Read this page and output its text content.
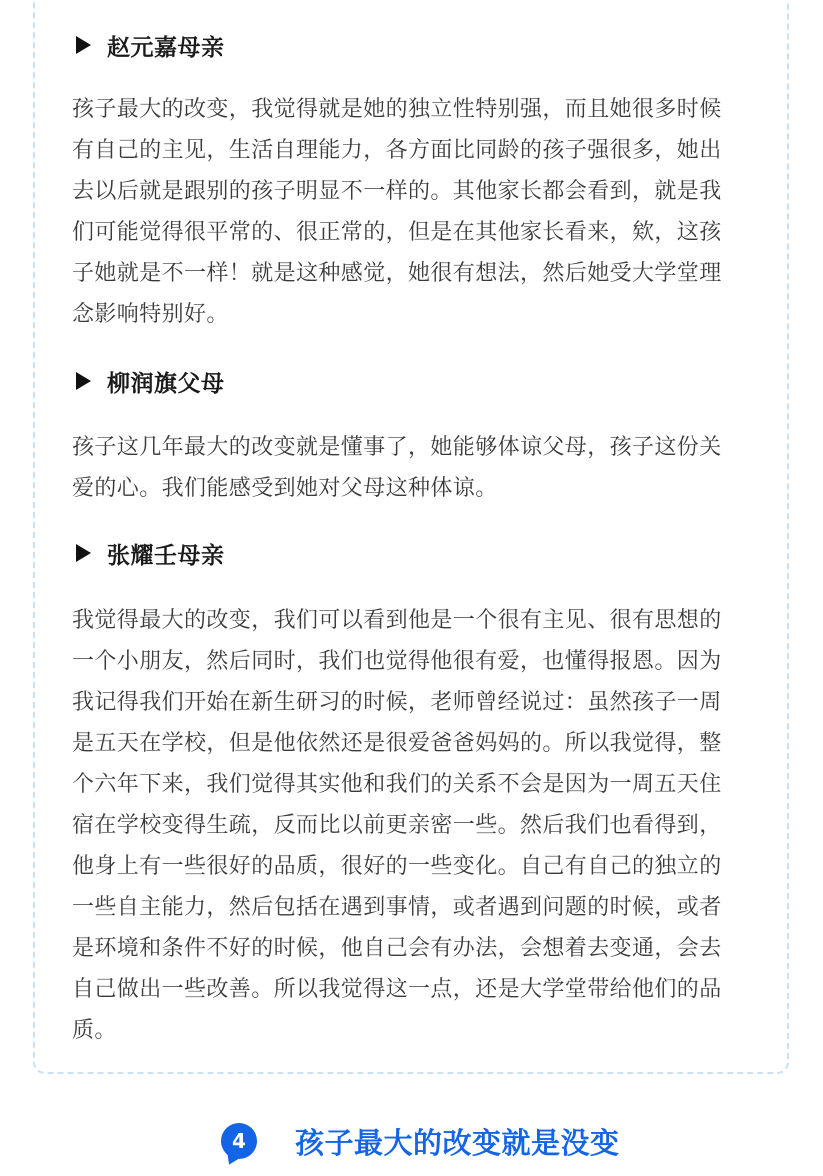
赵元嘉母亲
孩子最大的改变，我觉得就是她的独立性特别强，而且她很多时候
有自己的主见，生活自理能力，各方面比同龄的孩子强很多，她出
去以后就是跟别的孩子明显不一样的。其他家长都会看到，就是我
们可能觉得很平常的、很正常的，但是在其他家长看来，欸，这孩
子她就是不一样！就是这种感觉，她很有想法，然后她受大学堂理
念影响特别好。
柳润旗父母
孩子这几年最大的改变就是懂事了，她能够体谅父母，孩子这份关
爱的心。我们能感受到她对父母这种体谅。
张耀壬母亲
我觉得最大的改变，我们可以看到他是一个很有主见、很有思想的
一个小朋友，然后同时，我们也觉得他很有爱，也懂得报恩。因为
我记得我们开始在新生研习的时候，老师曾经说过：虽然孩子一周
是五天在学校，但是他依然还是很爱爸爸妈妈的。所以我觉得，整
个六年下来，我们觉得其实他和我们的关系不会是因为一周五天住
宿在学校变得生疏，反而比以前更亲密一些。然后我们也看得到，
他身上有一些很好的品质，很好的一些变化。自己有自己的独立的
一些自主能力，然后包括在遇到事情，或者遇到问题的时候，或者
是环境和条件不好的时候，他自己会有办法，会想着去变通，会去
自己做出一些改善。所以我觉得这一点，还是大学堂带给他们的品
质。
4	孩子最大的改变就是没变
